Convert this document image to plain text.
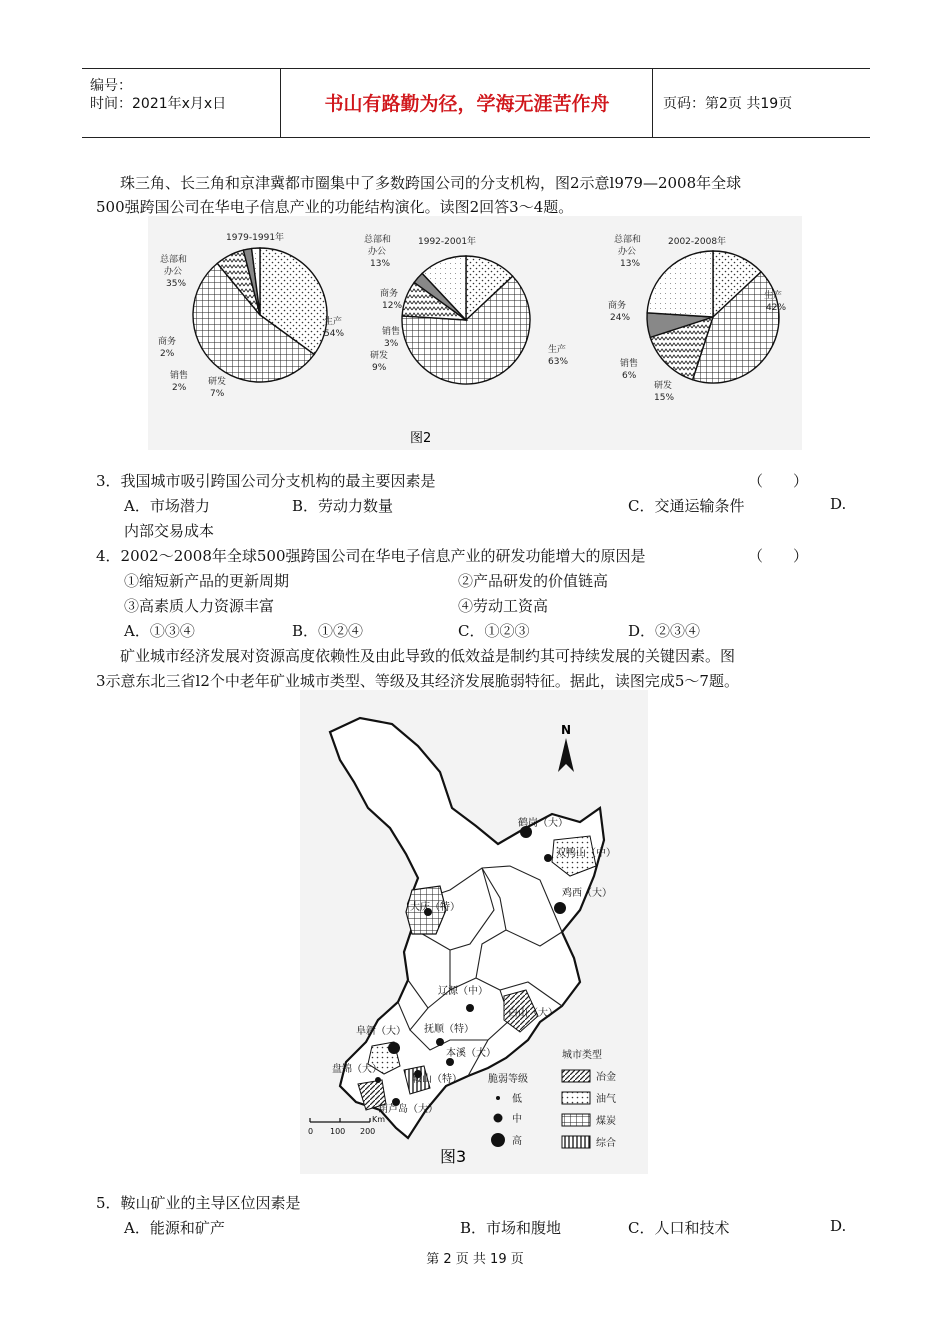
编号：
时间：2021年x月x日	书山有路勤为径，学海无涯苦作舟	页码：第2页 共19页
珠三角、长三角和京津冀都市圈集中了多数跨国公司的分支机构，图2示意l979—2008年全球
500强跨国公司在华电子信息产业的功能结构演化。读图2回答3～4题。
1979-1991年
总部和办公 35%
生产 54%
商务 2%
销售 2%
研发 7%
1992-2001年
总部和办公 13%
商务 12%
销售 3%
研发 9%
生产 63%
2002-2008年
总部和办公 13%
生产 42%
商务 24%
销售 6%
研发 15%
图2
3．我国城市吸引跨国公司分支机构的最主要因素是	（　　）
A．市场潜力	B．劳动力数量	C．交通运输条件	D.
内部交易成本
4．2002～2008年全球500强跨国公司在华电子信息产业的研发功能增大的原因是	（　　）
①缩短新产品的更新周期	②产品研发的价值链高
③高素质人力资源丰富	④劳动工资高
A．①③④	B．①②④	C．①②③	D．②③④
矿业城市经济发展对资源高度依赖性及由此导致的低效益是制约其可持续发展的关键因素。图
3示意东北三省l2个中老年矿业城市类型、等级及其经济发展脆弱特征。据此，读图完成5～7题。
鹤岗（大）
双鸭山（中）
鸡西（大）
大庆（特）
辽源（中）
白山（大）
阜新（大） 抚顺（特）
本溪（大）
盘锦（大）
鞍山（特）
葫芦岛（大）
N
脆弱等级
低
中
高
城市类型
冶金
油气
煤炭
综合
0 100 200
Km
图3
5．鞍山矿业的主导区位因素是
A．能源和矿产	B．市场和腹地	C．人口和技术	D.
第 2 页 共 19 页
